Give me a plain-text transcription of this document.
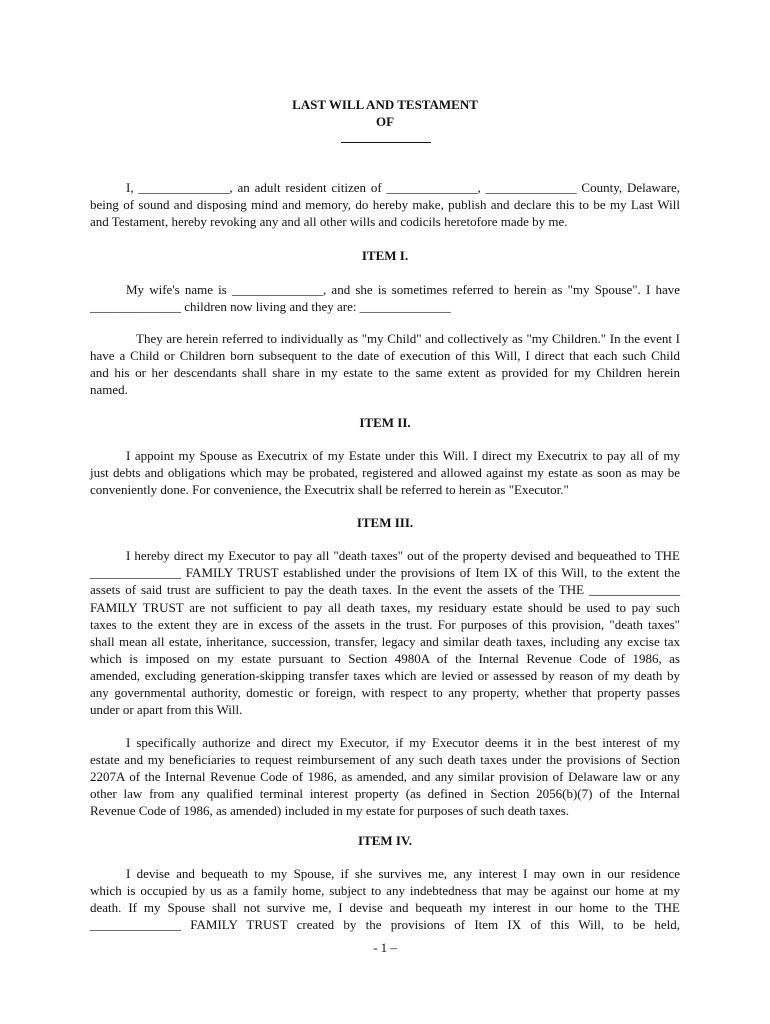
LAST WILL AND TESTAMENT
OF
I, ______________, an adult resident citizen of ______________, ______________ County, Delaware,
being of sound and disposing mind and memory, do hereby make, publish and declare this to be my Last Will
and Testament, hereby revoking any and all other wills and codicils heretofore made by me.
ITEM I.
My wife's name is ______________, and she is sometimes referred to herein as "my Spouse". I have
______________ children now living and they are: ______________
They are herein referred to individually as "my Child" and collectively as "my Children." In the event I
have a Child or Children born subsequent to the date of execution of this Will, I direct that each such Child
and his or her descendants shall share in my estate to the same extent as provided for my Children herein
named.
ITEM II.
I appoint my Spouse as Executrix of my Estate under this Will. I direct my Executrix to pay all of my
just debts and obligations which may be probated, registered and allowed against my estate as soon as may be
conveniently done. For convenience, the Executrix shall be referred to herein as "Executor."
ITEM III.
I hereby direct my Executor to pay all "death taxes" out of the property devised and bequeathed to THE
______________ FAMILY TRUST established under the provisions of Item IX of this Will, to the extent the
assets of said trust are sufficient to pay the death taxes. In the event the assets of the THE ______________
FAMILY TRUST are not sufficient to pay all death taxes, my residuary estate should be used to pay such
taxes to the extent they are in excess of the assets in the trust. For purposes of this provision, "death taxes"
shall mean all estate, inheritance, succession, transfer, legacy and similar death taxes, including any excise tax
which is imposed on my estate pursuant to Section 4980A of the Internal Revenue Code of 1986, as
amended, excluding generation-skipping transfer taxes which are levied or assessed by reason of my death by
any governmental authority, domestic or foreign, with respect to any property, whether that property passes
under or apart from this Will.
I specifically authorize and direct my Executor, if my Executor deems it in the best interest of my
estate and my beneficiaries to request reimbursement of any such death taxes under the provisions of Section
2207A of the Internal Revenue Code of 1986, as amended, and any similar provision of Delaware law or any
other law from any qualified terminal interest property (as defined in Section 2056(b)(7) of the Internal
Revenue Code of 1986, as amended) included in my estate for purposes of such death taxes.
ITEM IV.
I devise and bequeath to my Spouse, if she survives me, any interest I may own in our residence
which is occupied by us as a family home, subject to any indebtedness that may be against our home at my
death. If my Spouse shall not survive me, I devise and bequeath my interest in our home to the THE
______________ FAMILY TRUST created by the provisions of Item IX of this Will, to be held,
- 1 –
